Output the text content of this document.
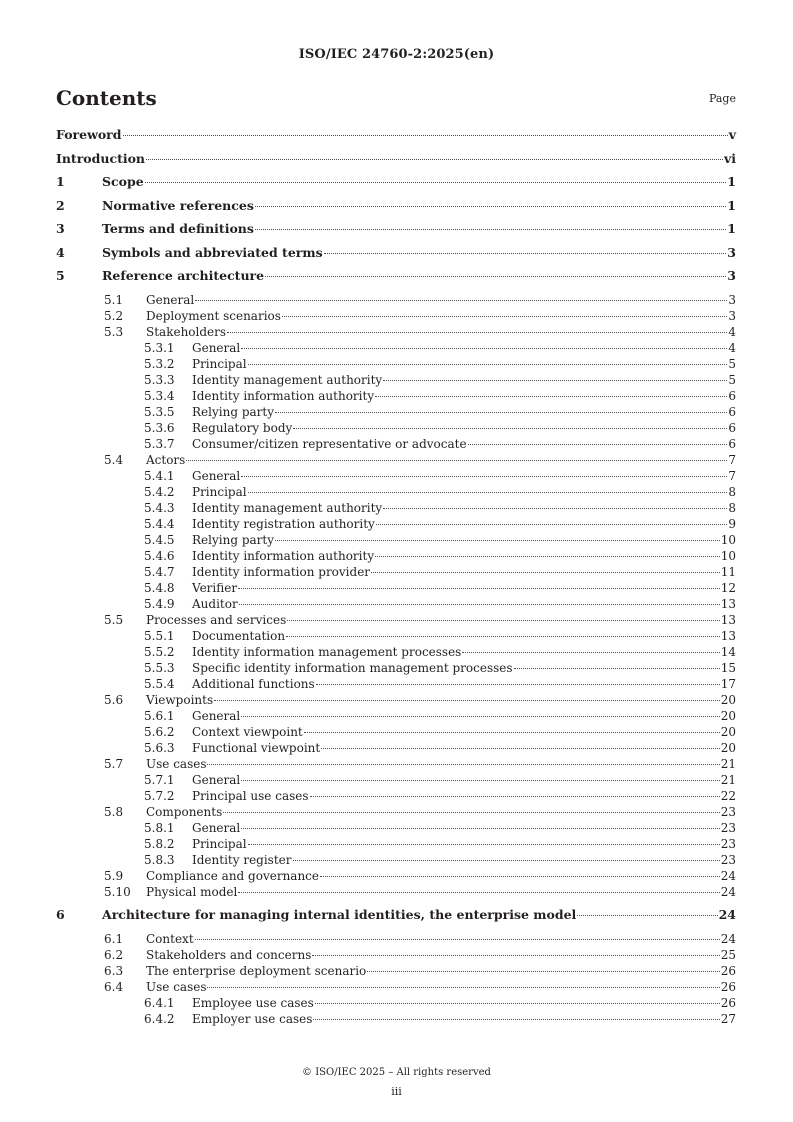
ISO/IEC 24760-2:2025(en)
Contents	Page
Foreword	v
Introduction	vi
1	Scope	1
2	Normative references	1
3	Terms and definitions	1
4	Symbols and abbreviated terms	3
5	Reference architecture	3
5.1 General	3
5.2 Deployment scenarios	3
5.3 Stakeholders	4
5.3.1 General	4
5.3.2 Principal	5
5.3.3 Identity management authority	5
5.3.4 Identity information authority	6
5.3.5 Relying party	6
5.3.6 Regulatory body	6
5.3.7 Consumer/citizen representative or advocate	6
5.4 Actors	7
5.4.1 General	7
5.4.2 Principal	8
5.4.3 Identity management authority	8
5.4.4 Identity registration authority	9
5.4.5 Relying party	10
5.4.6 Identity information authority	10
5.4.7 Identity information provider	11
5.4.8 Verifier	12
5.4.9 Auditor	13
5.5 Processes and services	13
5.5.1 Documentation	13
5.5.2 Identity information management processes	14
5.5.3 Specific identity information management processes	15
5.5.4 Additional functions	17
5.6 Viewpoints	20
5.6.1 General	20
5.6.2 Context viewpoint	20
5.6.3 Functional viewpoint	20
5.7 Use cases	21
5.7.1 General	21
5.7.2 Principal use cases	22
5.8 Components	23
5.8.1 General	23
5.8.2 Principal	23
5.8.3 Identity register	23
5.9 Compliance and governance	24
5.10 Physical model	24
6	Architecture for managing internal identities, the enterprise model	24
6.1 Context	24
6.2 Stakeholders and concerns	25
6.3 The enterprise deployment scenario	26
6.4 Use cases	26
6.4.1 Employee use cases	26
6.4.2 Employer use cases	27
© ISO/IEC 2025 – All rights reserved
iii
